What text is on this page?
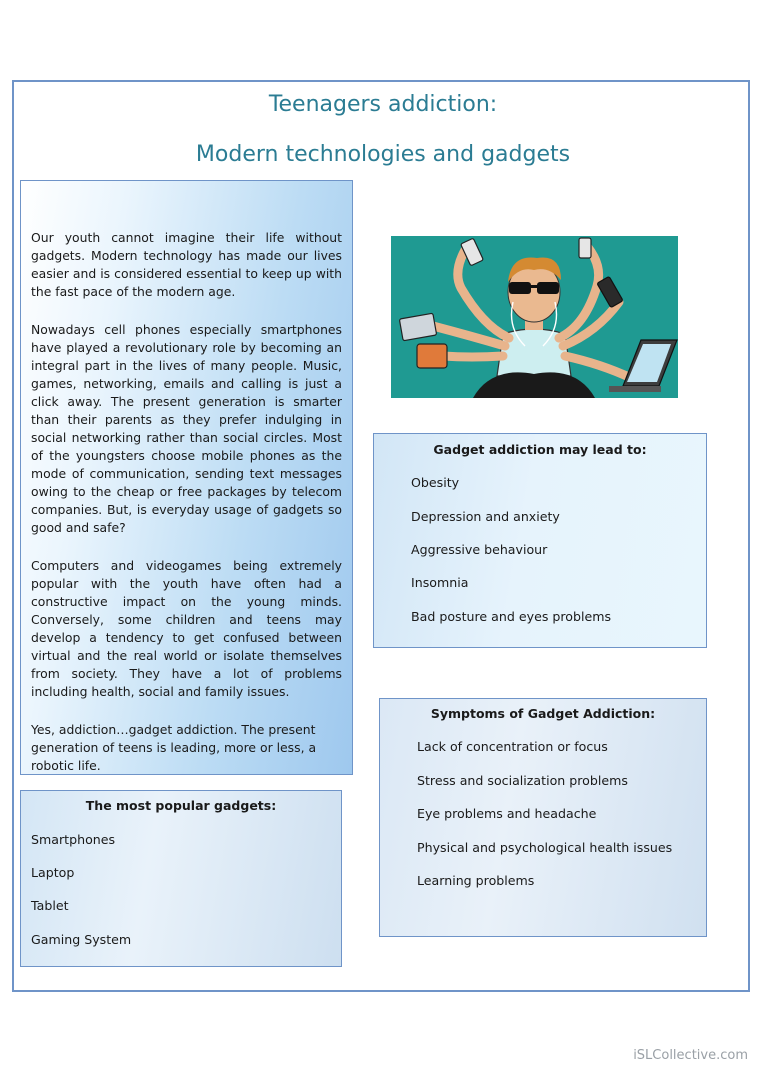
Teenagers addiction:
Modern technologies and gadgets

Our youth cannot imagine their life without gadgets. Modern technology has made our lives easier and is considered essential to keep up with the fast pace of the modern age.

Nowadays cell phones especially smartphones have played a revolutionary role by becoming an integral part in the lives of many people. Music, games, networking, emails and calling is just a click away. The present generation is smarter than their parents as they prefer indulging in social networking rather than social circles. Most of the youngsters choose mobile phones as the mode of communication, sending text messages owing to the cheap or free packages by telecom companies. But, is everyday usage of gadgets so good and safe?

Computers and videogames being extremely popular with the youth have often had a constructive impact on the young minds. Conversely, some children and teens may develop a tendency to get confused between virtual and the real world or isolate themselves from society. They have a lot of problems including health, social and family issues.

Yes, addiction…gadget addiction. The present generation of teens is leading, more or less, a robotic life.

The most popular gadgets:

Smartphones

Laptop

Tablet

Gaming System

Gadget addiction may lead to:

Obesity

Depression and anxiety

Aggressive behaviour

Insomnia

Bad posture and eyes problems

Symptoms of Gadget Addiction:

Lack of concentration or focus

Stress and socialization problems

Eye problems and headache

Physical and psychological health issues

Learning problems

iSLCollective.com
